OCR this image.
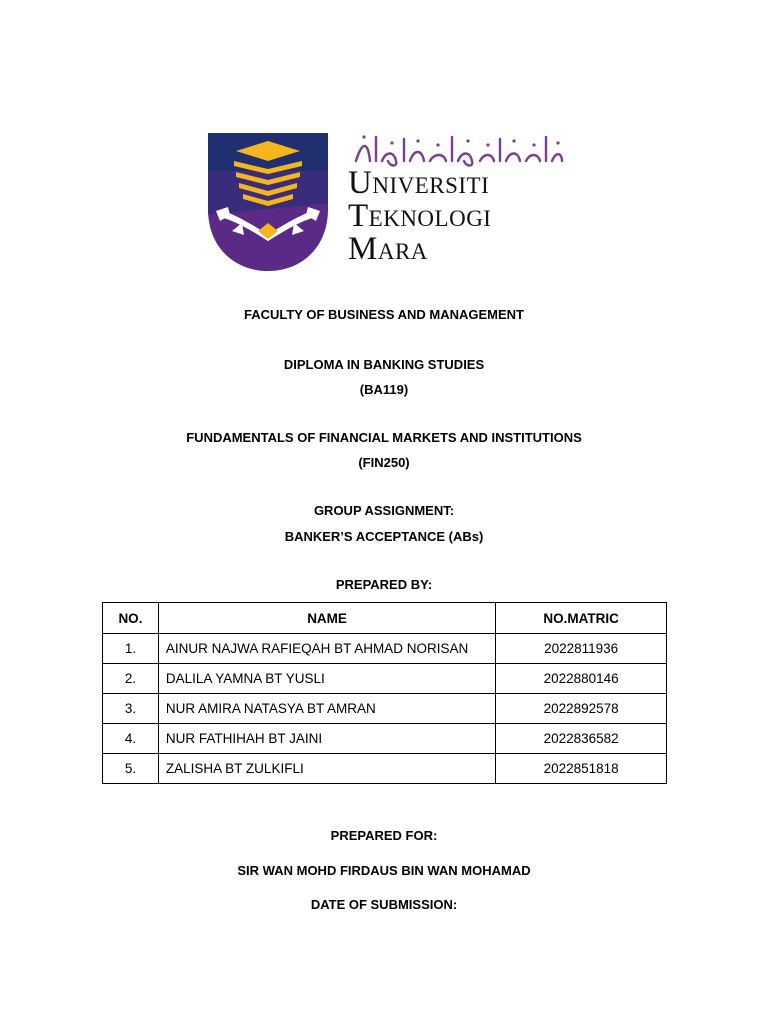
Universiti
Teknologi
Mara
FACULTY OF BUSINESS AND MANAGEMENT
DIPLOMA IN BANKING STUDIES
(BA119)
FUNDAMENTALS OF FINANCIAL MARKETS AND INSTITUTIONS
(FIN250)
GROUP ASSIGNMENT:
BANKER’S ACCEPTANCE (ABs)
PREPARED BY:
NO.	NAME	NO.MATRIC
1.	AINUR NAJWA RAFIEQAH BT AHMAD NORISAN	2022811936
2.	DALILA YAMNA BT YUSLI	2022880146
3.	NUR AMIRA NATASYA BT AMRAN	2022892578
4.	NUR FATHIHAH BT JAINI	2022836582
5.	ZALISHA BT ZULKIFLI	2022851818
PREPARED FOR:
SIR WAN MOHD FIRDAUS BIN WAN MOHAMAD
DATE OF SUBMISSION:
